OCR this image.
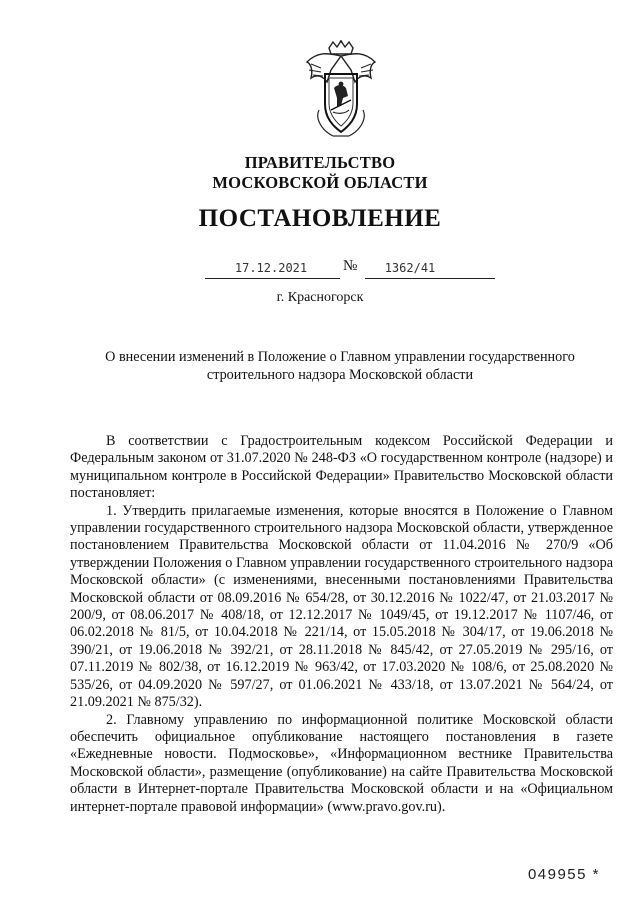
ПРАВИТЕЛЬСТВО
МОСКОВСКОЙ ОБЛАСТИ
ПОСТАНОВЛЕНИЕ
17.12.2021	№	1362/41
г. Красногорск
О внесении изменений в Положение о Главном управлении государственного строительного надзора Московской области

В соответствии с Градостроительным кодексом Российской Федерации и Федеральным законом от 31.07.2020 № 248-ФЗ «О государственном контроле (надзоре) и муниципальном контроле в Российской Федерации» Правительство Московской области постановляет:

1. Утвердить прилагаемые изменения, которые вносятся в Положение о Главном управлении государственного строительного надзора Московской области, утвержденное постановлением Правительства Московской области от 11.04.2016 № 270/9 «Об утверждении Положения о Главном управлении государственного строительного надзора Московской области» (с изменениями, внесенными постановлениями Правительства Московской области от 08.09.2016 № 654/28, от 30.12.2016 № 1022/47, от 21.03.2017 № 200/9, от 08.06.2017 № 408/18, от 12.12.2017 № 1049/45, от 19.12.2017 № 1107/46, от 06.02.2018 № 81/5, от 10.04.2018 № 221/14, от 15.05.2018 № 304/17, от 19.06.2018 № 390/21, от 19.06.2018 № 392/21, от 28.11.2018 № 845/42, от 27.05.2019 № 295/16, от 07.11.2019 № 802/38, от 16.12.2019 № 963/42, от 17.03.2020 № 108/6, от 25.08.2020 № 535/26, от 04.09.2020 № 597/27, от 01.06.2021 № 433/18, от 13.07.2021 № 564/24, от 21.09.2021 № 875/32).

2. Главному управлению по информационной политике Московской области обеспечить официальное опубликование настоящего постановления в газете «Ежедневные новости. Подмосковье», «Информационном вестнике Правительства Московской области», размещение (опубликование) на сайте Правительства Московской области в Интернет-портале Правительства Московской области и на «Официальном интернет-портале правовой информации» (www.pravo.gov.ru).

049955 *
